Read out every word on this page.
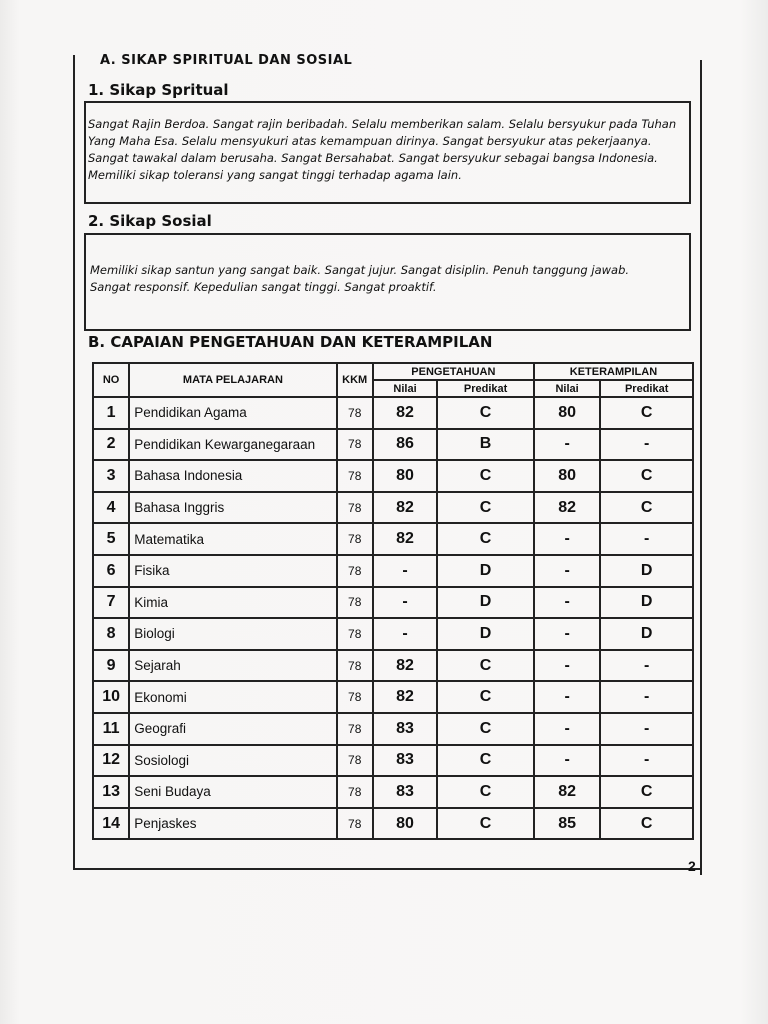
A. SIKAP SPIRITUAL DAN SOSIAL
1. Sikap Spritual

Sangat Rajin Berdoa. Sangat rajin beribadah. Selalu memberikan salam. Selalu bersyukur pada Tuhan

Yang Maha Esa. Selalu mensyukuri atas kemampuan dirinya. Sangat bersyukur atas pekerjaanya.

Sangat tawakal dalam berusaha. Sangat Bersahabat. Sangat bersyukur sebagai bangsa Indonesia.

Memiliki sikap toleransi yang sangat tinggi terhadap agama lain.

2. Sikap Sosial

Memiliki sikap santun yang sangat baik. Sangat jujur. Sangat disiplin. Penuh tanggung jawab.

Sangat responsif. Kepedulian sangat tinggi. Sangat proaktif.

B. CAPAIAN PENGETAHUAN DAN KETERAMPILAN
NO	MATA PELAJARAN	KKM	PENGETAHUAN		KETERAMPILAN	
			Nilai	Predikat	Nilai	Predikat
1	Pendidikan Agama	78	82	C	80	C
2	Pendidikan Kewarganegaraan	78	86	B	-	-
3	Bahasa Indonesia	78	80	C	80	C
4	Bahasa Inggris	78	82	C	82	C
5	Matematika	78	82	C	-	-
6	Fisika	78	-	D	-	D
7	Kimia	78	-	D	-	D
8	Biologi	78	-	D	-	D
9	Sejarah	78	82	C	-	-
10	Ekonomi	78	82	C	-	-
11	Geografi	78	83	C	-	-
12	Sosiologi	78	83	C	-	-
13	Seni Budaya	78	83	C	82	C
14	Penjaskes	78	80	C	85	C
2
